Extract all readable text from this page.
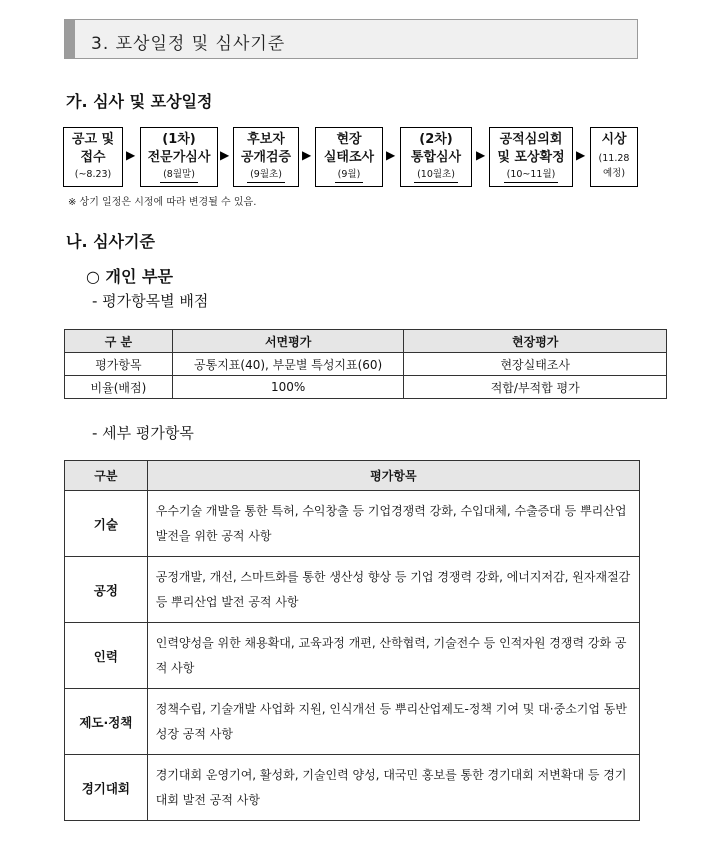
3. 포상일정 및 심사기준
가. 심사 및 포상일정
공고 및
접수
(~8.23)
▶
(1차)
전문가심사
(8월말)
▶
후보자
공개검증
(9월초)
▶
현장
실태조사
(9월)
▶
(2차)
통합심사
(10월초)
▶
공적심의회
및 포상확정
(10~11월)
▶
시상
(11.28
예정)
※ 상기 일정은 시정에 따라 변경될 수 있음.
나. 심사기준
○ 개인 부문
- 평가항목별 배점
구 분	서면평가	현장평가
평가항목	공통지표(40), 부문별 특성지표(60)	현장실태조사
비율(배점)	100%	적합/부적합 평가
- 세부 평가항목
구분	평가항목
기술	우수기술 개발을 통한 특허, 수익창출 등 기업경쟁력 강화, 수입대체, 수출증대 등 뿌리산업 발전을 위한 공적 사항
공정	공정개발, 개선, 스마트화를 통한 생산성 향상 등 기업 경쟁력 강화, 에너지저감, 원자재절감 등 뿌리산업 발전 공적 사항
인력	인력양성을 위한 채용확대, 교육과정 개편, 산학협력, 기술전수 등 인적자원 경쟁력 강화 공적 사항
제도·정책	정책수립, 기술개발 사업화 지원, 인식개선 등 뿌리산업제도-정책 기여 및 대·중소기업 동반성장 공적 사항
경기대회	경기대회 운영기여, 활성화, 기술인력 양성, 대국민 홍보를 통한 경기대회 저변확대 등 경기대회 발전 공적 사항
